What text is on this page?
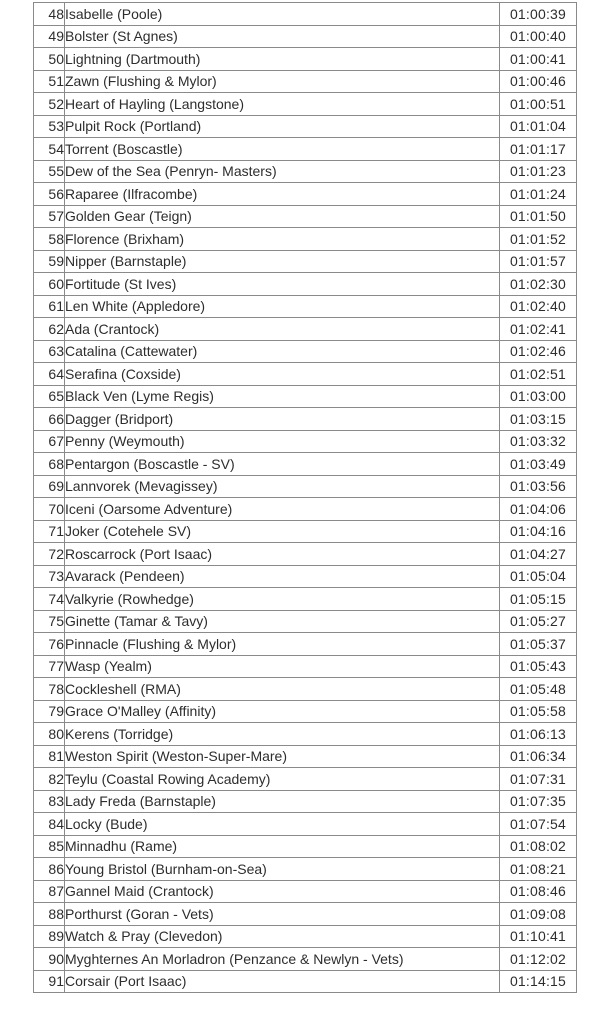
48	Isabelle (Poole)	01:00:39
49	Bolster (St Agnes)	01:00:40
50	Lightning (Dartmouth)	01:00:41
51	Zawn (Flushing & Mylor)	01:00:46
52	Heart of Hayling (Langstone)	01:00:51
53	Pulpit Rock (Portland)	01:01:04
54	Torrent (Boscastle)	01:01:17
55	Dew of the Sea (Penryn- Masters)	01:01:23
56	Raparee (Ilfracombe)	01:01:24
57	Golden Gear (Teign)	01:01:50
58	Florence (Brixham)	01:01:52
59	Nipper (Barnstaple)	01:01:57
60	Fortitude (St Ives)	01:02:30
61	Len White (Appledore)	01:02:40
62	Ada (Crantock)	01:02:41
63	Catalina (Cattewater)	01:02:46
64	Serafina (Coxside)	01:02:51
65	Black Ven (Lyme Regis)	01:03:00
66	Dagger (Bridport)	01:03:15
67	Penny (Weymouth)	01:03:32
68	Pentargon (Boscastle - SV)	01:03:49
69	Lannvorek (Mevagissey)	01:03:56
70	Iceni (Oarsome Adventure)	01:04:06
71	Joker (Cotehele SV)	01:04:16
72	Roscarrock (Port Isaac)	01:04:27
73	Avarack (Pendeen)	01:05:04
74	Valkyrie (Rowhedge)	01:05:15
75	Ginette (Tamar & Tavy)	01:05:27
76	Pinnacle (Flushing & Mylor)	01:05:37
77	Wasp (Yealm)	01:05:43
78	Cockleshell (RMA)	01:05:48
79	Grace O'Malley (Affinity)	01:05:58
80	Kerens (Torridge)	01:06:13
81	Weston Spirit (Weston-Super-Mare)	01:06:34
82	Teylu (Coastal Rowing Academy)	01:07:31
83	Lady Freda (Barnstaple)	01:07:35
84	Locky (Bude)	01:07:54
85	Minnadhu (Rame)	01:08:02
86	Young Bristol (Burnham-on-Sea)	01:08:21
87	Gannel Maid (Crantock)	01:08:46
88	Porthurst (Goran - Vets)	01:09:08
89	Watch & Pray (Clevedon)	01:10:41
90	Myghternes An Morladron (Penzance & Newlyn - Vets)	01:12:02
91	Corsair (Port Isaac)	01:14:15
